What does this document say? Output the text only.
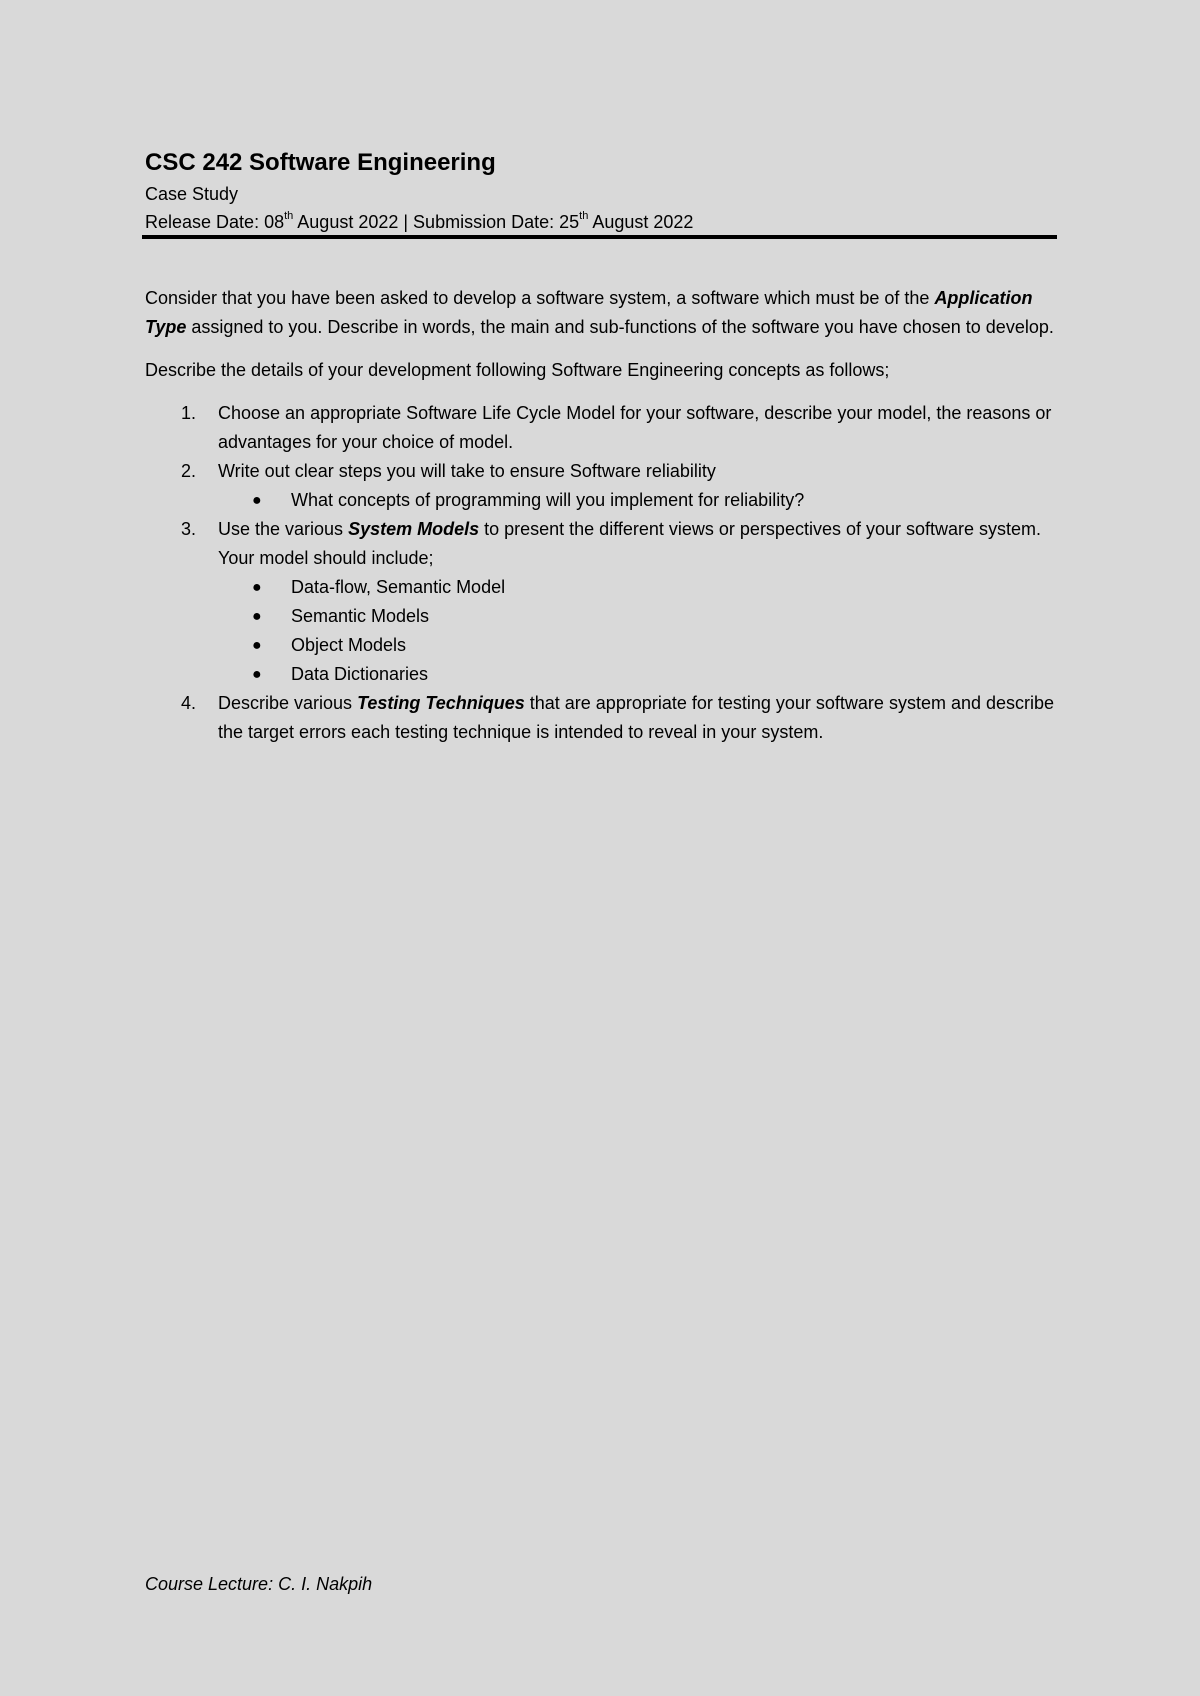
CSC 242 Software Engineering
Case Study
Release Date: 08th August 2022 | Submission Date: 25th August 2022

Consider that you have been asked to develop a software system, a software which must be of the Application Type assigned to you. Describe in words, the main and sub-functions of the software you have chosen to develop.

Describe the details of your development following Software Engineering concepts as follows;

1. Choose an appropriate Software Life Cycle Model for your software, describe your model, the reasons or advantages for your choice of model.
2. Write out clear steps you will take to ensure Software reliability
● What concepts of programming will you implement for reliability?
3. Use the various System Models to present the different views or perspectives of your software system. Your model should include;
● Data-flow, Semantic Model
● Semantic Models
● Object Models
● Data Dictionaries
4. Describe various Testing Techniques that are appropriate for testing your software system and describe the target errors each testing technique is intended to reveal in your system.
Course Lecture: C. I. Nakpih
